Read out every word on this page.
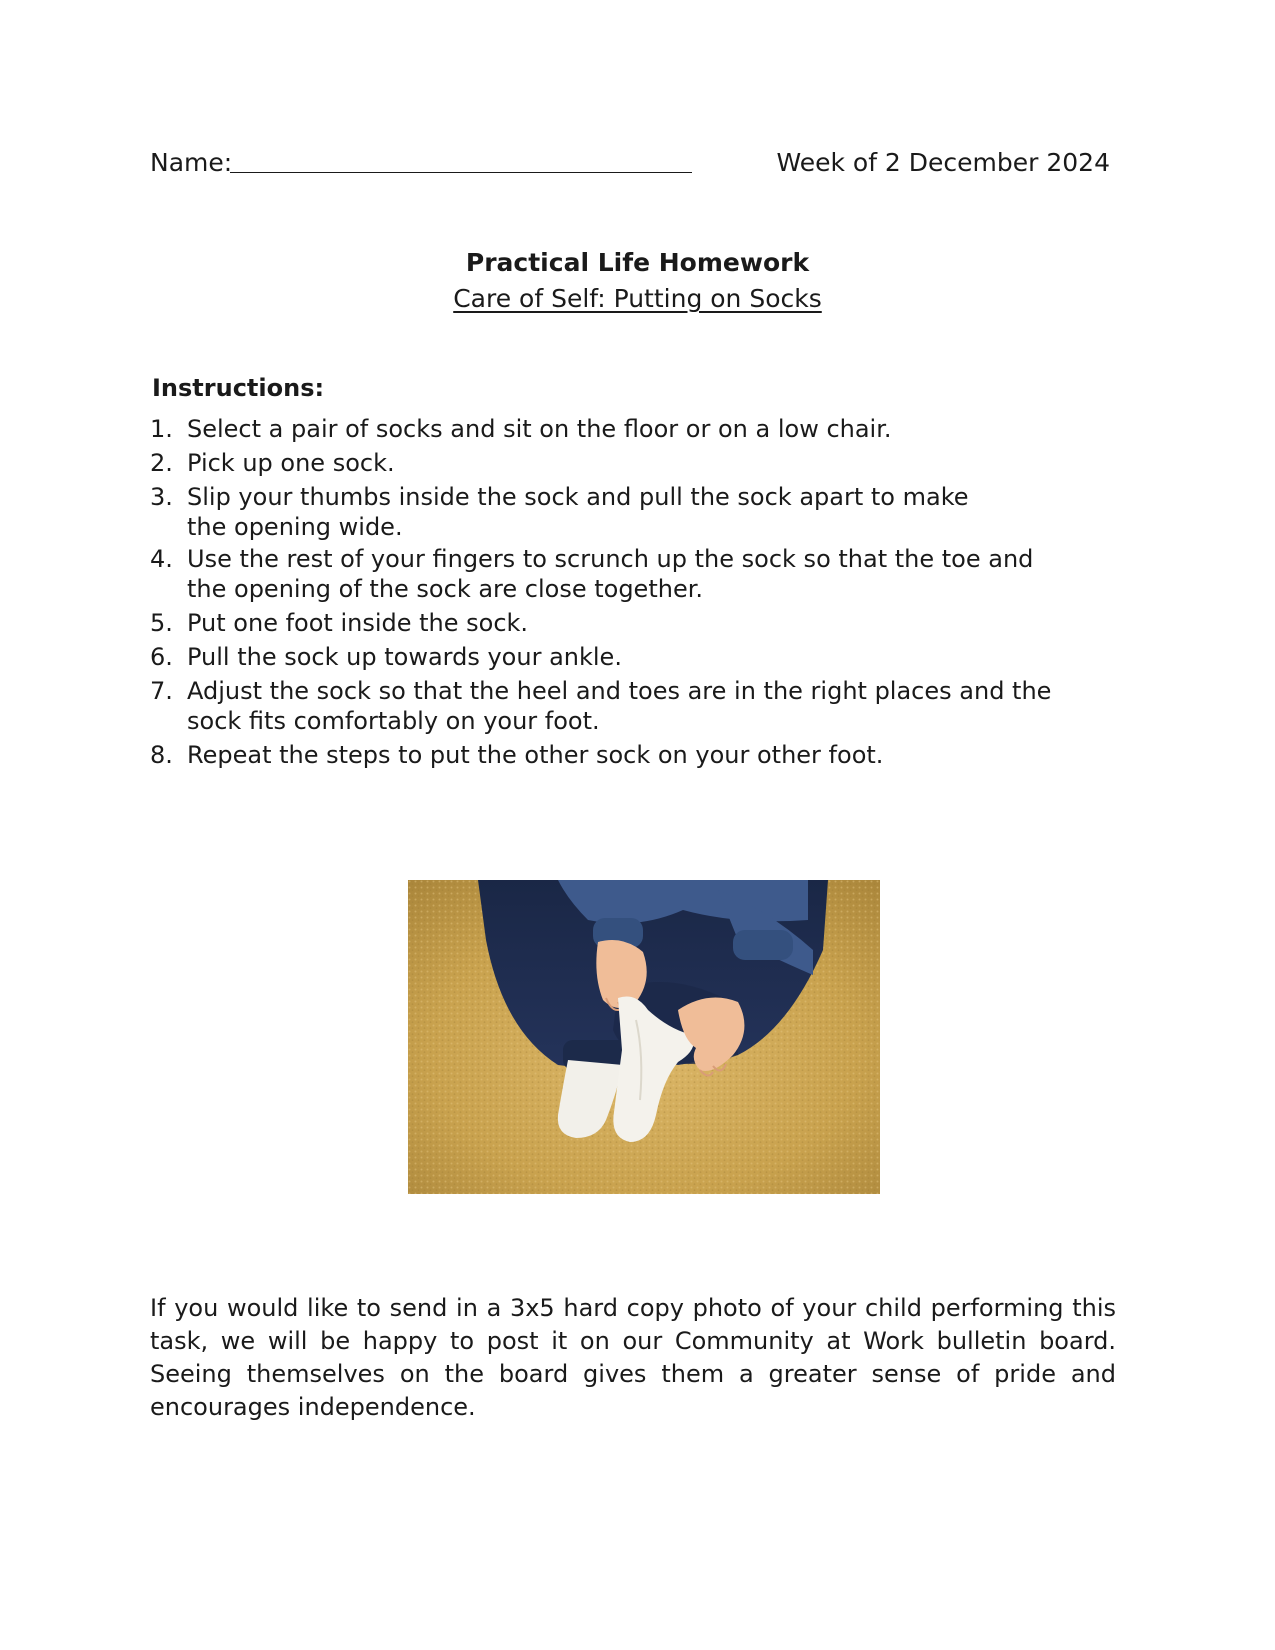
Name:	Week of 2 December 2024
Practical Life Homework
Care of Self: Putting on Socks
Instructions:
1. Select a pair of socks and sit on the floor or on a low chair.
2. Pick up one sock.
3. Slip your thumbs inside the sock and pull the sock apart to make the opening wide.
4. Use the rest of your fingers to scrunch up the sock so that the toe and the opening of the sock are close together.
5. Put one foot inside the sock.
6. Pull the sock up towards your ankle.
7. Adjust the sock so that the heel and toes are in the right places and the sock fits comfortably on your foot.
8. Repeat the steps to put the other sock on your other foot.

If you would like to send in a 3x5 hard copy photo of your child performing this task, we will be happy to post it on our Community at Work bulletin board. Seeing themselves on the board gives them a greater sense of pride and encourages independence.
